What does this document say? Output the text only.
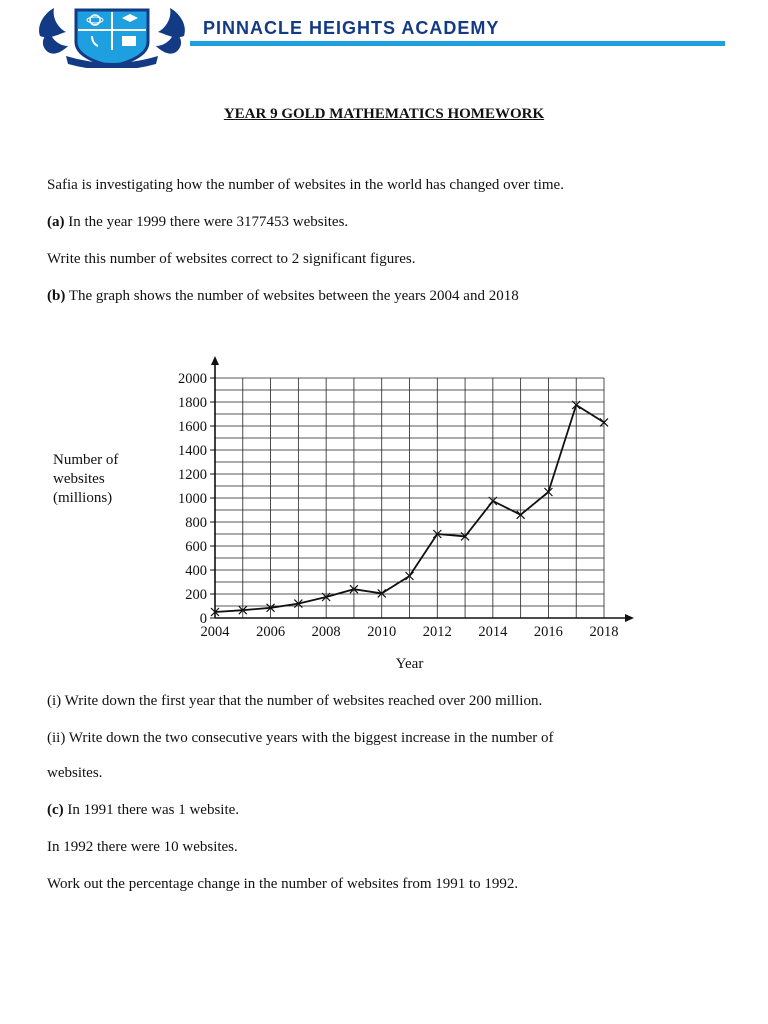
PINNACLE HEIGHTS ACADEMY
YEAR 9 GOLD MATHEMATICS HOMEWORK
Safia is investigating how the number of websites in the world has changed over time.
(a) In the year 1999 there were 3177453 websites.
Write this number of websites correct to 2 significant figures.
(b) The graph shows the number of websites between the years 2004 and 2018
0
200
400
600
800
1000
1200
1400
1600
1800
2000
2004 2006 2008 2010 2012 2014 2016 2018
Year
Number of
websites
(millions)
(i) Write down the first year that the number of websites reached over 200 million.
(ii) Write down the two consecutive years with the biggest increase in the number of
websites.
(c) In 1991 there was 1 website.
In 1992 there were 10 websites.
Work out the percentage change in the number of websites from 1991 to 1992.
